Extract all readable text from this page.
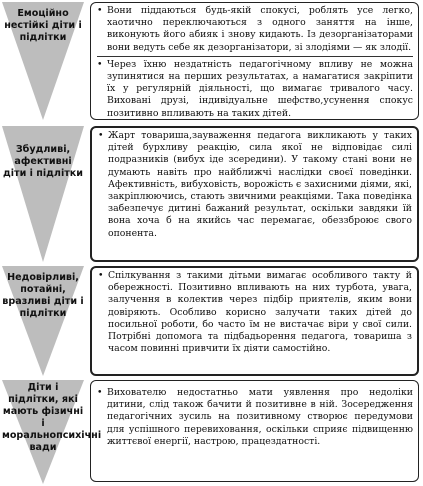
Емоційно нестійкі діти і підлітки

• Вони піддаються будь-якій спокусі, роблять усе легко, хаотично переключаються з одного заняття на інше, виконують його абияк і знову кидають. Із дезорганізаторами вони ведуть себе як дезорганізатори, зі злодіями — як злодії.

• Через їхню нездатність педагогічному впливу не можна зупинятися на перших результатах, а намагатися закріпити їх у регулярній діяльності, що вимагає тривалого часу. Виховані друзі, індивідуальне шефство,усунення спокус позитивно впливають на таких дітей.

Збудливі, афективні діти і підлітки

• Жарт товариша,зауваження педагога викликають у таких дітей бурхливу реакцію, сила якої не відповідає силі подразників (вибух іде зсередини). У такому стані вони не думають навіть про найближчі наслідки своєї поведінки. Афективність, вибуховість, ворожість є захисними діями, які, закріплюючись, стають звичними реакціями. Така поведінка забезпечує дитині бажаний результат, оскільки завдяки їй вона хоча б на якийсь час перемагає, обеззброює свого опонента.

Недовірливі, потайні, вразливі діти і підлітки

• Спілкування з такими дітьми вимагає особливого такту й обережності. Позитивно впливають на них турбота, увага, залучення в колектив через підбір приятелів, яким вони довіряють. Особливо корисно залучати таких дітей до посильної роботи, бо часто їм не вистачає віри у свої сили. Потрібні допомога та підбадьорення педагога, товариша з часом повинні привчити їх діяти самостійно.

Діти і підлітки, які мають фізичні і моральнопсихічні вади

• Вихователю недостатньо мати уявлення про недоліки дитини, слід також бачити й позитивне в ній. Зосередження педагогічних зусиль на позитивному створює передумови для успішного перевиховання, оскільки сприяє підвищенню життєвої енергії, настрою, працездатності.
